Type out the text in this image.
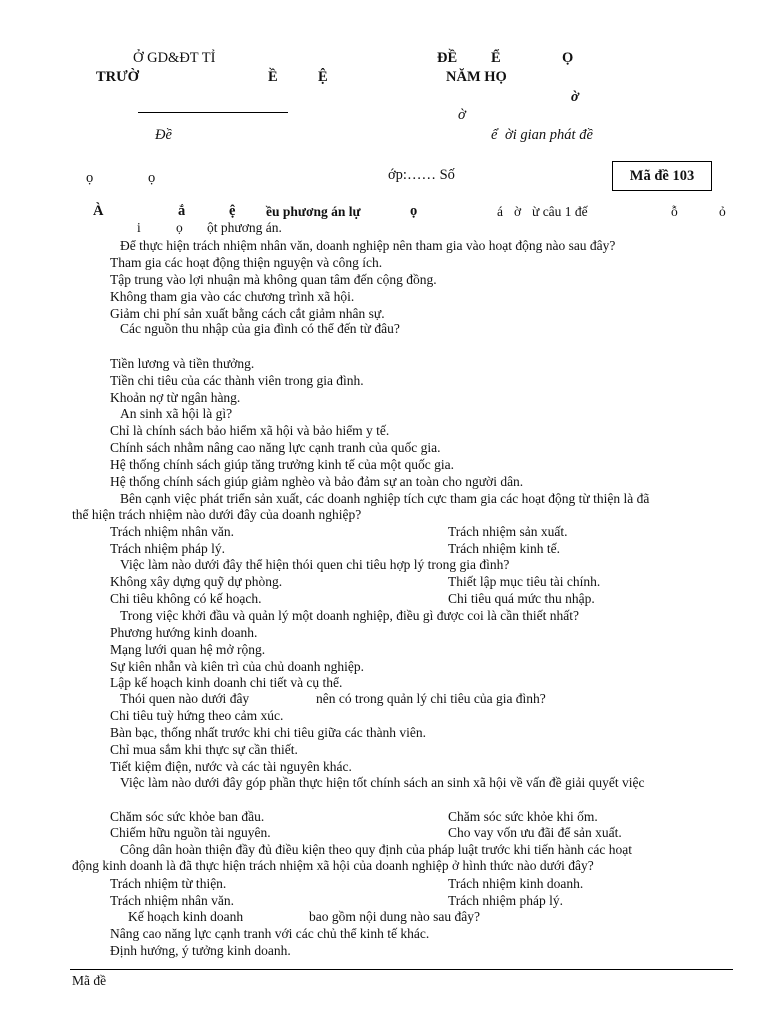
Ở GD&ĐT TỈ
TRƯỜ	Ề	Ệ
ĐỀ Ể	Ọ
NĂM HỌ
ờ
ờ
Đề	ể ời gian phát đề
ọ	ọ	ớp:…… Số	Mã đề 103
À	ắ	ệ ều phương án lự	ọ	á ờ ừ câu 1 đế	ỗ	ỏ
i	ọ ột phương án.
Để thực hiện trách nhiệm nhân văn, doanh nghiệp nên tham gia vào hoạt động nào sau đây?
Tham gia các hoạt động thiện nguyện và công ích.
Tập trung vào lợi nhuận mà không quan tâm đến cộng đồng.
Không tham gia vào các chương trình xã hội.
Giảm chi phí sản xuất bằng cách cắt giảm nhân sự.
Các nguồn thu nhập của gia đình có thể đến từ đâu?
Tiền lương và tiền thưởng.
Tiền chi tiêu của các thành viên trong gia đình.
Khoản nợ từ ngân hàng.
An sinh xã hội là gì?
Chỉ là chính sách bảo hiểm xã hội và bảo hiểm y tế.
Chính sách nhằm nâng cao năng lực cạnh tranh của quốc gia.
Hệ thống chính sách giúp tăng trưởng kinh tế của một quốc gia.
Hệ thống chính sách giúp giảm nghèo và bảo đảm sự an toàn cho người dân.
Bên cạnh việc phát triển sản xuất, các doanh nghiệp tích cực tham gia các hoạt động từ thiện là đã
thể hiện trách nhiệm nào dưới đây của doanh nghiệp?
Trách nhiệm nhân văn.	Trách nhiệm sản xuất.
Trách nhiệm pháp lý.	Trách nhiệm kinh tế.
Việc làm nào dưới đây thể hiện thói quen chi tiêu hợp lý trong gia đình?
Không xây dựng quỹ dự phòng.	Thiết lập mục tiêu tài chính.
Chi tiêu không có kế hoạch.	Chi tiêu quá mức thu nhập.
Trong việc khởi đầu và quản lý một doanh nghiệp, điều gì được coi là cần thiết nhất?
Phương hướng kinh doanh.
Mạng lưới quan hệ mở rộng.
Sự kiên nhẫn và kiên trì của chủ doanh nghiệp.
Lập kế hoạch kinh doanh chi tiết và cụ thể.
Thói quen nào dưới đây	nên có trong quản lý chi tiêu của gia đình?
Chi tiêu tuỳ hứng theo cảm xúc.
Bàn bạc, thống nhất trước khi chi tiêu giữa các thành viên.
Chỉ mua sắm khi thực sự cần thiết.
Tiết kiệm điện, nước và các tài nguyên khác.
Việc làm nào dưới đây góp phần thực hiện tốt chính sách an sinh xã hội về vấn đề giải quyết việc
Chăm sóc sức khỏe ban đầu.	Chăm sóc sức khỏe khi ốm.
Chiếm hữu nguồn tài nguyên.	Cho vay vốn ưu đãi để sản xuất.
Công dân hoàn thiện đầy đủ điều kiện theo quy định của pháp luật trước khi tiến hành các hoạt
động kinh doanh là đã thực hiện trách nhiệm xã hội của doanh nghiệp ở hình thức nào dưới đây?
Trách nhiệm từ thiện.	Trách nhiệm kinh doanh.
Trách nhiệm nhân văn.	Trách nhiệm pháp lý.
Kế hoạch kinh doanh	bao gồm nội dung nào sau đây?
Nâng cao năng lực cạnh tranh với các chủ thể kinh tế khác.
Định hướng, ý tưởng kinh doanh.
Mã đề
